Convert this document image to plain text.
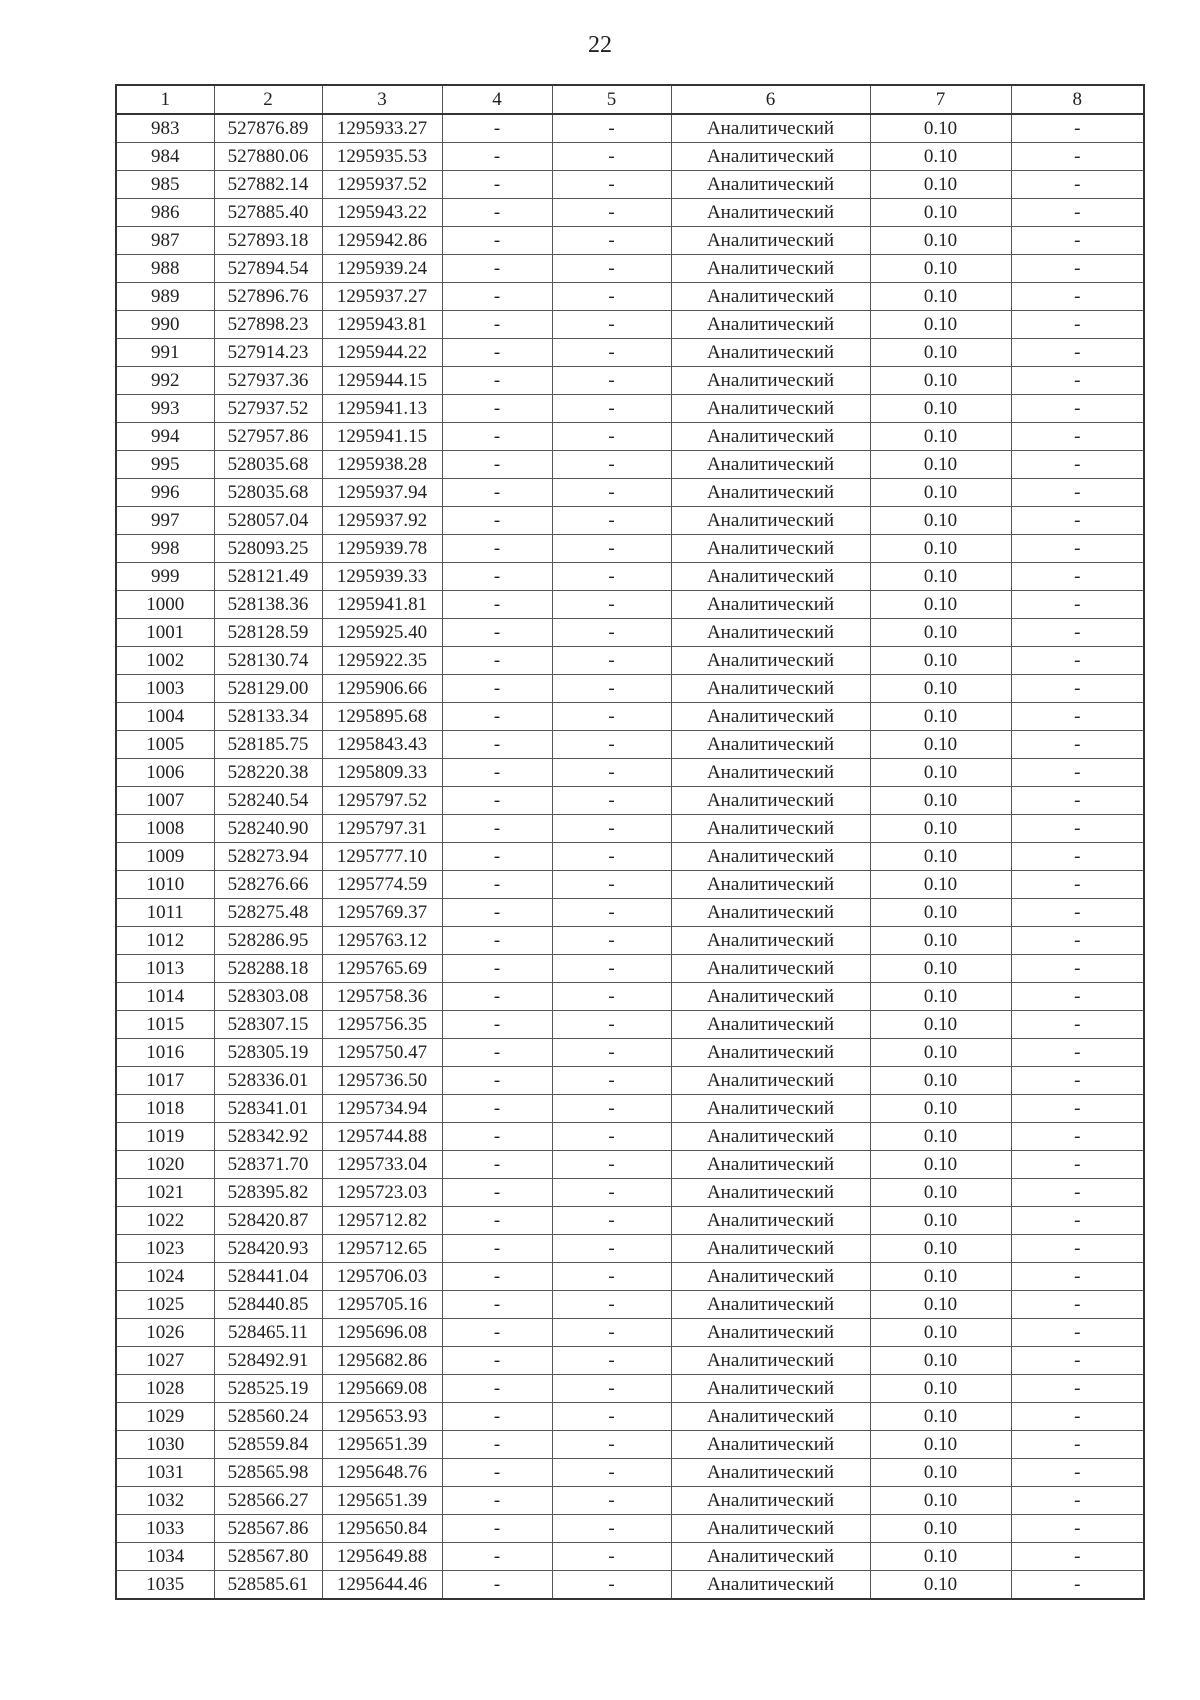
22
1	2	3	4	5	6	7	8
983	527876.89	1295933.27	-	-	Аналитический	0.10	-
984	527880.06	1295935.53	-	-	Аналитический	0.10	-
985	527882.14	1295937.52	-	-	Аналитический	0.10	-
986	527885.40	1295943.22	-	-	Аналитический	0.10	-
987	527893.18	1295942.86	-	-	Аналитический	0.10	-
988	527894.54	1295939.24	-	-	Аналитический	0.10	-
989	527896.76	1295937.27	-	-	Аналитический	0.10	-
990	527898.23	1295943.81	-	-	Аналитический	0.10	-
991	527914.23	1295944.22	-	-	Аналитический	0.10	-
992	527937.36	1295944.15	-	-	Аналитический	0.10	-
993	527937.52	1295941.13	-	-	Аналитический	0.10	-
994	527957.86	1295941.15	-	-	Аналитический	0.10	-
995	528035.68	1295938.28	-	-	Аналитический	0.10	-
996	528035.68	1295937.94	-	-	Аналитический	0.10	-
997	528057.04	1295937.92	-	-	Аналитический	0.10	-
998	528093.25	1295939.78	-	-	Аналитический	0.10	-
999	528121.49	1295939.33	-	-	Аналитический	0.10	-
1000	528138.36	1295941.81	-	-	Аналитический	0.10	-
1001	528128.59	1295925.40	-	-	Аналитический	0.10	-
1002	528130.74	1295922.35	-	-	Аналитический	0.10	-
1003	528129.00	1295906.66	-	-	Аналитический	0.10	-
1004	528133.34	1295895.68	-	-	Аналитический	0.10	-
1005	528185.75	1295843.43	-	-	Аналитический	0.10	-
1006	528220.38	1295809.33	-	-	Аналитический	0.10	-
1007	528240.54	1295797.52	-	-	Аналитический	0.10	-
1008	528240.90	1295797.31	-	-	Аналитический	0.10	-
1009	528273.94	1295777.10	-	-	Аналитический	0.10	-
1010	528276.66	1295774.59	-	-	Аналитический	0.10	-
1011	528275.48	1295769.37	-	-	Аналитический	0.10	-
1012	528286.95	1295763.12	-	-	Аналитический	0.10	-
1013	528288.18	1295765.69	-	-	Аналитический	0.10	-
1014	528303.08	1295758.36	-	-	Аналитический	0.10	-
1015	528307.15	1295756.35	-	-	Аналитический	0.10	-
1016	528305.19	1295750.47	-	-	Аналитический	0.10	-
1017	528336.01	1295736.50	-	-	Аналитический	0.10	-
1018	528341.01	1295734.94	-	-	Аналитический	0.10	-
1019	528342.92	1295744.88	-	-	Аналитический	0.10	-
1020	528371.70	1295733.04	-	-	Аналитический	0.10	-
1021	528395.82	1295723.03	-	-	Аналитический	0.10	-
1022	528420.87	1295712.82	-	-	Аналитический	0.10	-
1023	528420.93	1295712.65	-	-	Аналитический	0.10	-
1024	528441.04	1295706.03	-	-	Аналитический	0.10	-
1025	528440.85	1295705.16	-	-	Аналитический	0.10	-
1026	528465.11	1295696.08	-	-	Аналитический	0.10	-
1027	528492.91	1295682.86	-	-	Аналитический	0.10	-
1028	528525.19	1295669.08	-	-	Аналитический	0.10	-
1029	528560.24	1295653.93	-	-	Аналитический	0.10	-
1030	528559.84	1295651.39	-	-	Аналитический	0.10	-
1031	528565.98	1295648.76	-	-	Аналитический	0.10	-
1032	528566.27	1295651.39	-	-	Аналитический	0.10	-
1033	528567.86	1295650.84	-	-	Аналитический	0.10	-
1034	528567.80	1295649.88	-	-	Аналитический	0.10	-
1035	528585.61	1295644.46	-	-	Аналитический	0.10	-
